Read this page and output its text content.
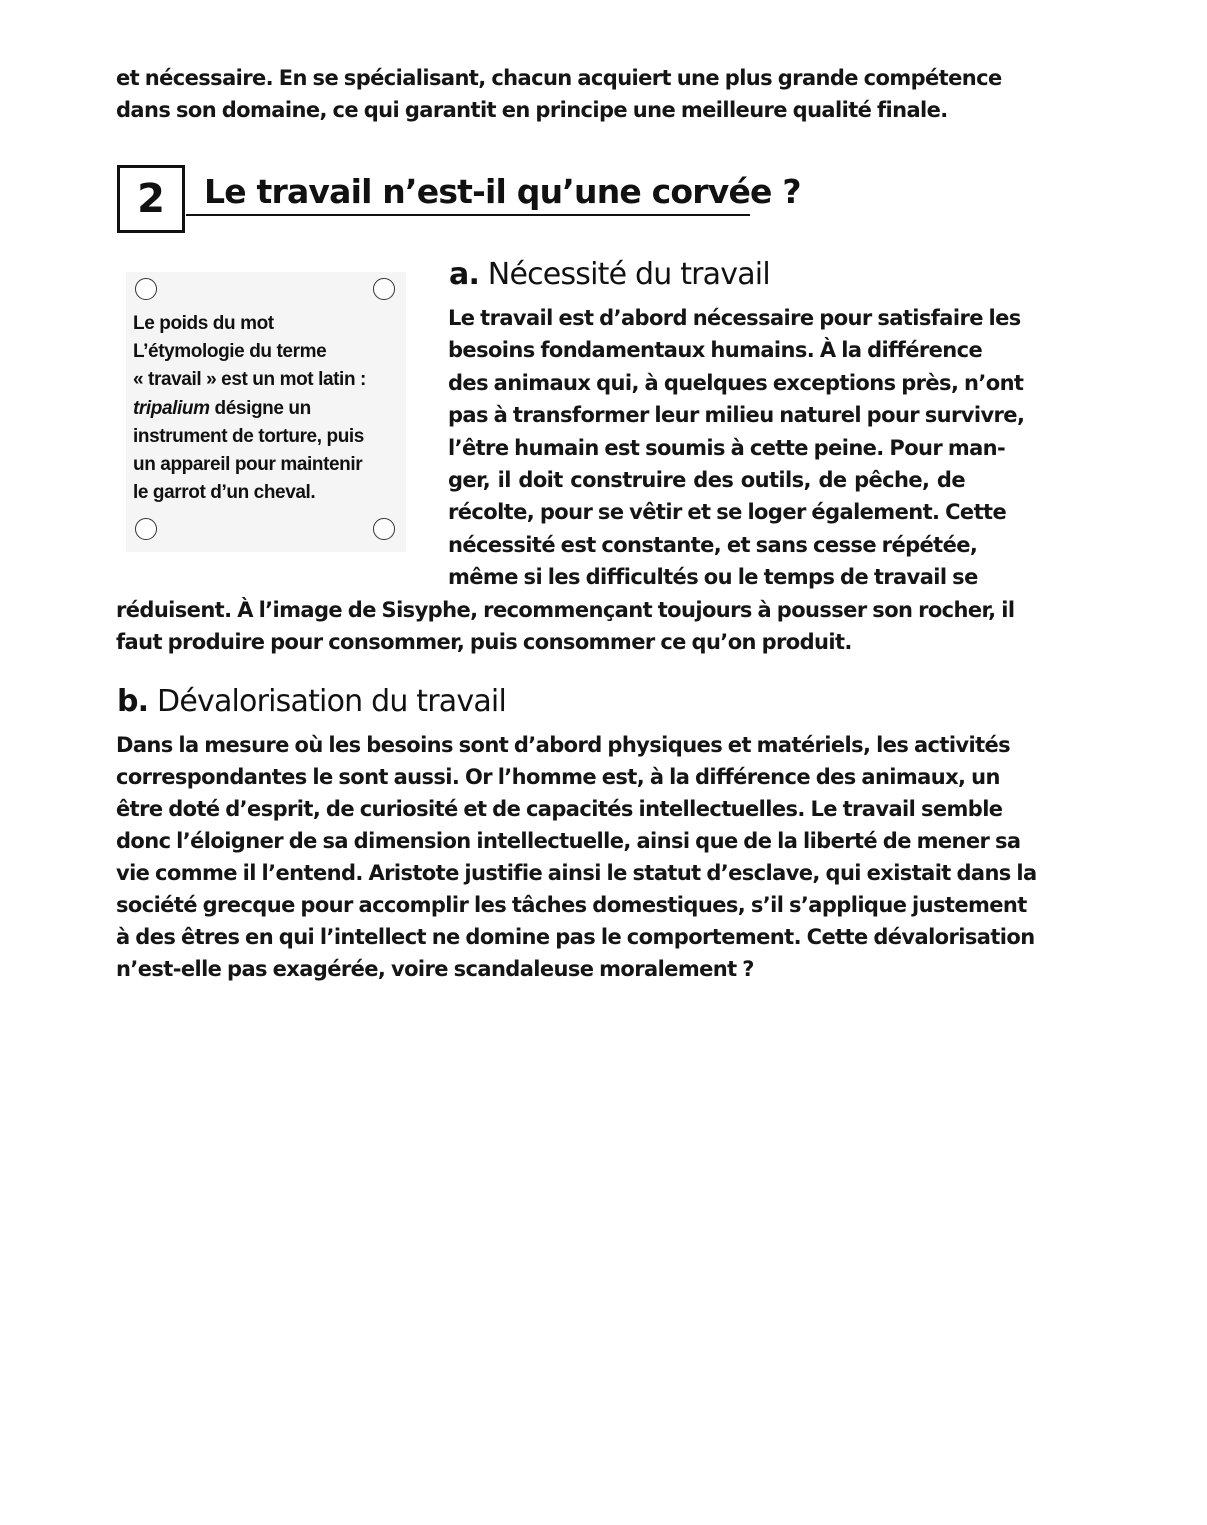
et nécessaire. En se spécialisant, chacun acquiert une plus grande compétence
dans son domaine, ce qui garantit en principe une meilleure qualité finale.
2	Le travail n’est-il qu’une corvée ?
Le poids du mot
L’étymologie du terme
« travail » est un mot latin :
tripalium désigne un
instrument de torture, puis
un appareil pour maintenir
le garrot d’un cheval.
a. Nécessité du travail
Le travail est d’abord nécessaire pour satisfaire les
besoins fondamentaux humains. À la différence
des animaux qui, à quelques exceptions près, n’ont
pas à transformer leur milieu naturel pour survivre,
l’être humain est soumis à cette peine. Pour man-
ger, il doit construire des outils, de pêche, de
récolte, pour se vêtir et se loger également. Cette
nécessité est constante, et sans cesse répétée,
même si les difficultés ou le temps de travail se
réduisent. À l’image de Sisyphe, recommençant toujours à pousser son rocher, il
faut produire pour consommer, puis consommer ce qu’on produit.
b. Dévalorisation du travail
Dans la mesure où les besoins sont d’abord physiques et matériels, les activités
correspondantes le sont aussi. Or l’homme est, à la différence des animaux, un
être doté d’esprit, de curiosité et de capacités intellectuelles. Le travail semble
donc l’éloigner de sa dimension intellectuelle, ainsi que de la liberté de mener sa
vie comme il l’entend. Aristote justifie ainsi le statut d’esclave, qui existait dans la
société grecque pour accomplir les tâches domestiques, s’il s’applique justement
à des êtres en qui l’intellect ne domine pas le comportement. Cette dévalorisation
n’est-elle pas exagérée, voire scandaleuse moralement ?
